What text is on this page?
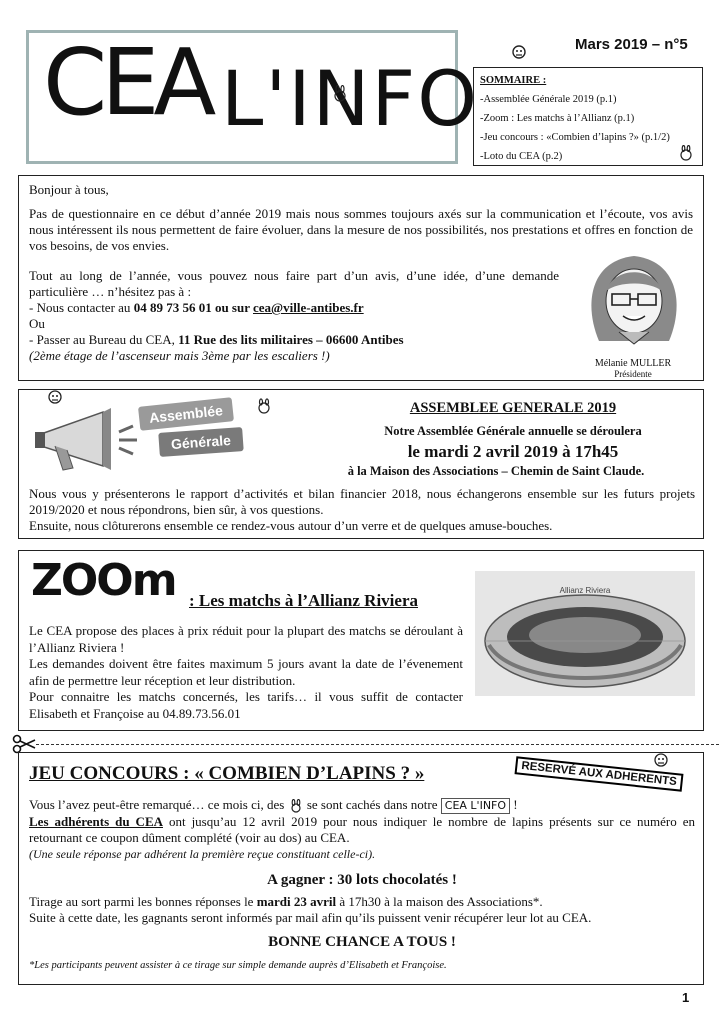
CEA L'INFO
Mars 2019 – n°5
SOMMAIRE :
-Assemblée Générale 2019 (p.1)
-Zoom : Les matchs à l’Allianz (p.1)
-Jeu concours : «Combien d’lapins ?» (p.1/2)
-Loto du CEA (p.2)

Bonjour à tous,

Pas de questionnaire en ce début d’année 2019 mais nous sommes toujours axés sur la communication et l’écoute, vos avis nous intéressent ils nous permettent de faire évoluer, dans la mesure de nos possibilités, nos prestations et offres en fonction de vos besoins, de vos envies.

Tout au long de l’année, vous pouvez nous faire part d’un avis, d’une idée, d’une demande particulière … n’hésitez pas à :

- Nous contacter au 04 89 73 56 01 ou sur cea@ville-antibes.fr

Ou

- Passer au Bureau du CEA, 11 Rue des lits militaires – 06600 Antibes

(2ème étage de l’ascenseur mais 3ème par les escaliers !)

Mélanie MULLER
Présidente
Assemblée
Générale
ASSEMBLEE GENERALE 2019
Notre Assemblée Générale annuelle se déroulera
le mardi 2 avril 2019 à 17h45
à la Maison des Associations – Chemin de Saint Claude.

Nous vous y présenterons le rapport d’activités et bilan financier 2018, nous échangerons ensemble sur les futurs projets 2019/2020 et nous répondrons, bien sûr, à vos questions.

Ensuite, nous clôturerons ensemble ce rendez-vous autour d’un verre et de quelques amuse-bouches.

ZOOm : Les matchs à l’Allianz Riviera

Le CEA propose des places à prix réduit pour la plupart des matchs se déroulant à l’Allianz Riviera !

Les demandes doivent être faites maximum 5 jours avant la date de l’évenement afin de permettre leur réception et leur distribution.

Pour connaitre les matchs concernés, les tarifs… il vous suffit de contacter Elisabeth et Françoise au 04.89.73.56.01

Allianz Riviera
JEU CONCOURS : « COMBIEN D’LAPINS ? »	RESERVÉ AUX ADHERENTS

Vous l’avez peut-être remarqué… ce mois ci, des  se sont cachés dans notre CEA L'INFO !

Les adhérents du CEA ont jusqu’au 12 avril 2019 pour nous indiquer le nombre de lapins présents sur ce numéro en retournant ce coupon dûment complété (voir au dos) au CEA.

(Une seule réponse par adhérent la première reçue constituant celle-ci).

A gagner : 30 lots chocolatés !

Tirage au sort parmi les bonnes réponses le mardi 23 avril à 17h30 à la maison des Associations*.

Suite à cette date, les gagnants seront informés par mail afin qu’ils puissent venir récupérer leur lot au CEA.

BONNE CHANCE A TOUS !

*Les participants peuvent assister à ce tirage sur simple demande auprès d’Elisabeth et Françoise.

1
